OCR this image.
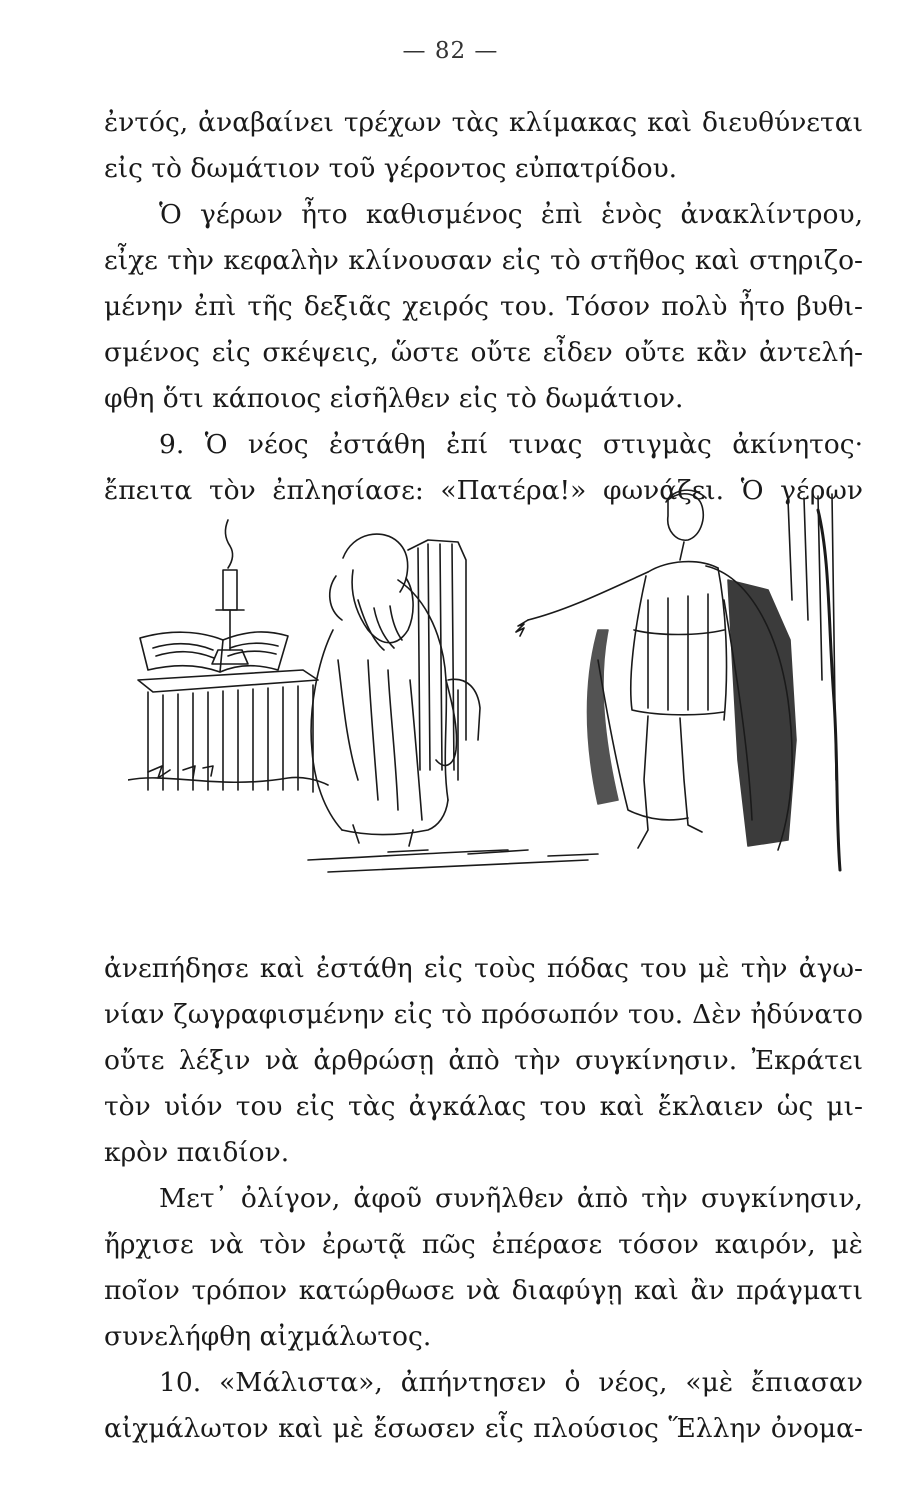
— 82 —
ἐντός, ἀναβαίνει τρέχων τὰς κλίμακας καὶ διευθύνεται
εἰς τὸ δωμάτιον τοῦ γέροντος εὐπατρίδου.
Ὁ γέρων ἦτο καθισμένος ἐπὶ ἑνὸς ἀνακλίντρου,
εἶχε τὴν κεφαλὴν κλίνουσαν εἰς τὸ στῆθος καὶ στηριζο-
μένην ἐπὶ τῆς δεξιᾶς χειρός του. Τόσον πολὺ ἦτο βυθι-
σμένος εἰς σκέψεις, ὥστε οὔτε εἶδεν οὔτε κἂν ἀντελή-
φθη ὅτι κάποιος εἰσῆλθεν εἰς τὸ δωμάτιον.
9. Ὁ νέος ἐστάθη ἐπί τινας στιγμὰς ἀκίνητος·
ἔπειτα τὸν ἐπλησίασε: «Πατέρα!» φωνάζει. Ὁ γέρων
ἀνεπήδησε καὶ ἐστάθη εἰς τοὺς πόδας του μὲ τὴν ἀγω-
νίαν ζωγραφισμένην εἰς τὸ πρόσωπόν του. Δὲν ἠδύνατο
οὔτε λέξιν νὰ ἀρθρώσῃ ἀπὸ τὴν συγκίνησιν. Ἐκράτει
τὸν υἱόν του εἰς τὰς ἀγκάλας του καὶ ἔκλαιεν ὡς μι-
κρὸν παιδίον.
Μετ᾽ ὀλίγον, ἀφοῦ συνῆλθεν ἀπὸ τὴν συγκίνησιν,
ἤρχισε νὰ τὸν ἐρωτᾷ πῶς ἐπέρασε τόσον καιρόν, μὲ
ποῖον τρόπον κατώρθωσε νὰ διαφύγῃ καὶ ἂν πράγματι
συνελήφθη αἰχμάλωτος.
10. «Μάλιστα», ἀπήντησεν ὁ νέος, «μὲ ἔπιασαν
αἰχμάλωτον καὶ μὲ ἔσωσεν εἷς πλούσιος Ἕλλην ὀνομα-
